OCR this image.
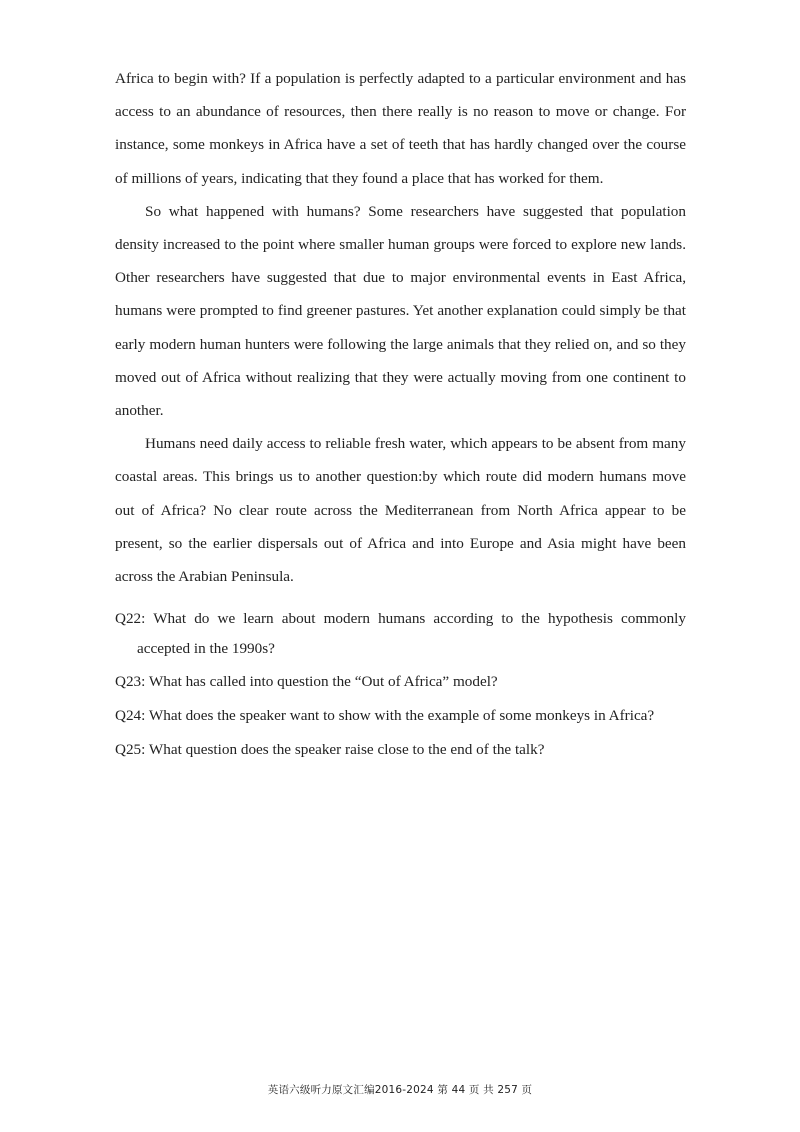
Africa to begin with? If a population is perfectly adapted to a particular environment and has access to an abundance of resources, then there really is no reason to move or change. For instance, some monkeys in Africa have a set of teeth that has hardly changed over the course of millions of years, indicating that they found a place that has worked for them.

So what happened with humans? Some researchers have suggested that population density increased to the point where smaller human groups were forced to explore new lands. Other researchers have suggested that due to major environmental events in East Africa, humans were prompted to find greener pastures. Yet another explanation could simply be that early modern human hunters were following the large animals that they relied on, and so they moved out of Africa without realizing that they were actually moving from one continent to another.

Humans need daily access to reliable fresh water, which appears to be absent from many coastal areas. This brings us to another question:by which route did modern humans move out of Africa? No clear route across the Mediterranean from North Africa appear to be present, so the earlier dispersals out of Africa and into Europe and Asia might have been across the Arabian Peninsula.

Q22: What do we learn about modern humans according to the hypothesis commonly accepted in the 1990s?

Q23: What has called into question the “Out of Africa” model?

Q24: What does the speaker want to show with the example of some monkeys in Africa?

Q25: What question does the speaker raise close to the end of the talk?

英语六级听力原文汇编2016-2024 第 44 页 共 257 页
